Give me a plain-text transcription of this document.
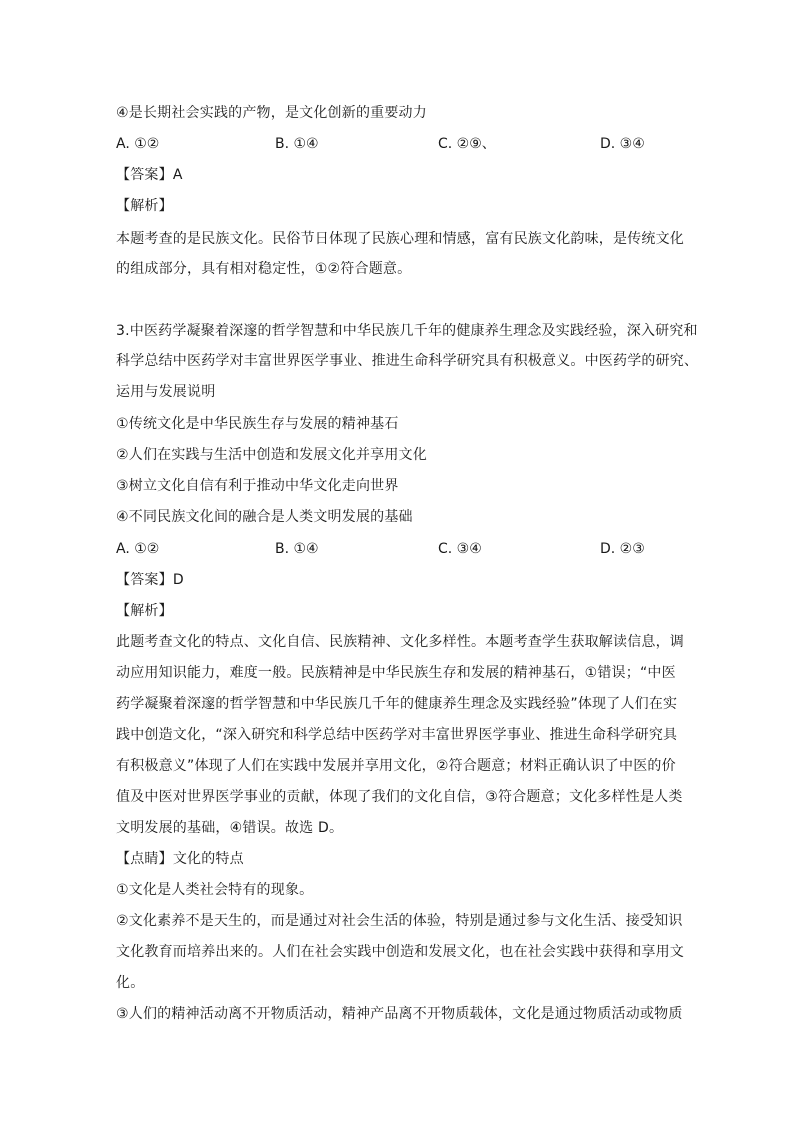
④是长期社会实践的产物，是文化创新的重要动力
A. ①②	B. ①④	C. ②⑨、	D. ③④
【答案】A
【解析】
本题考查的是民族文化。民俗节日体现了民族心理和情感，富有民族文化韵味，是传统文化
的组成部分，具有相对稳定性，①②符合题意。
3.中医药学凝聚着深邃的哲学智慧和中华民族几千年的健康养生理念及实践经验，深入研究和
科学总结中医药学对丰富世界医学事业、推进生命科学研究具有积极意义。中医药学的研究、
运用与发展说明
①传统文化是中华民族生存与发展的精神基石
②人们在实践与生活中创造和发展文化并享用文化
③树立文化自信有利于推动中华文化走向世界
④不同民族文化间的融合是人类文明发展的基础
A. ①②	B. ①④	C. ③④	D. ②③
【答案】D
【解析】
此题考查文化的特点、文化自信、民族精神、文化多样性。本题考查学生获取解读信息，调
动应用知识能力，难度一般。民族精神是中华民族生存和发展的精神基石，①错误；“中医
药学凝聚着深邃的哲学智慧和中华民族几千年的健康养生理念及实践经验”体现了人们在实
践中创造文化，“深入研究和科学总结中医药学对丰富世界医学事业、推进生命科学研究具
有积极意义”体现了人们在实践中发展并享用文化，②符合题意；材料正确认识了中医的价
值及中医对世界医学事业的贡献，体现了我们的文化自信，③符合题意；文化多样性是人类
文明发展的基础，④错误。故选 D。
【点睛】文化的特点
①文化是人类社会特有的现象。
②文化素养不是天生的，而是通过对社会生活的体验，特别是通过参与文化生活、接受知识
文化教育而培养出来的。人们在社会实践中创造和发展文化，也在社会实践中获得和享用文
化。
③人们的精神活动离不开物质活动，精神产品离不开物质载体，文化是通过物质活动或物质
